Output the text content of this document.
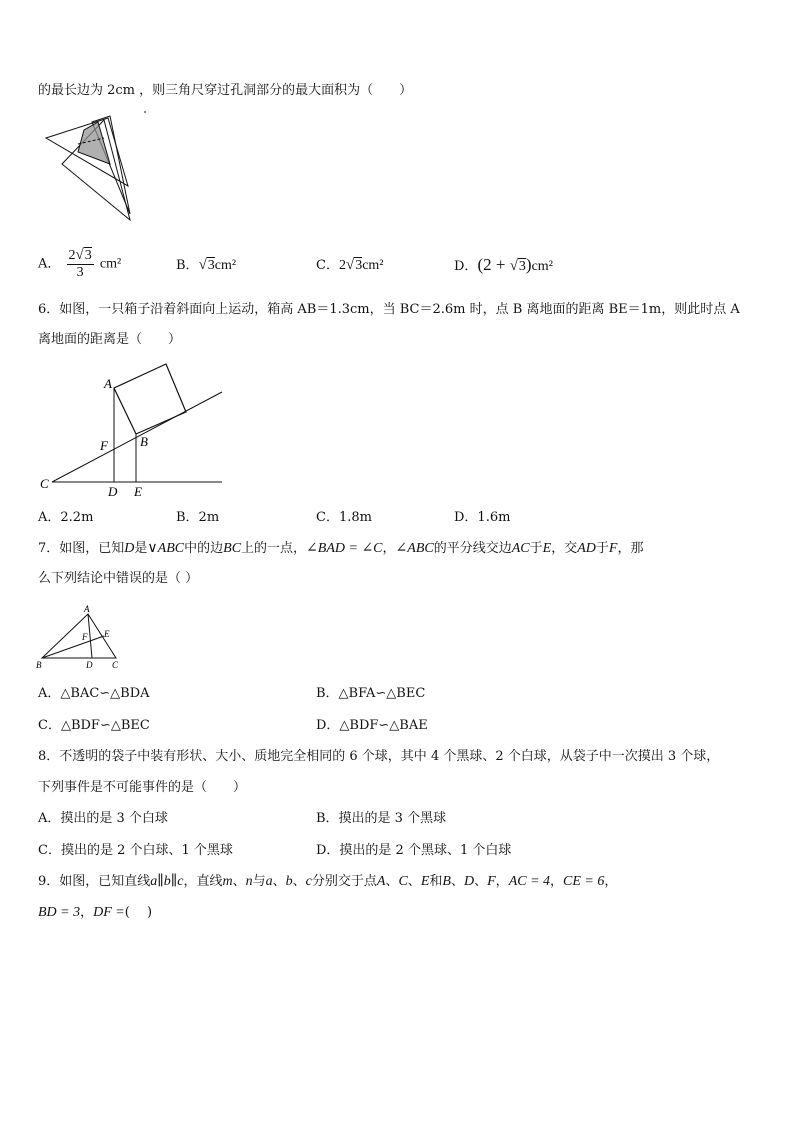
的最长边为 2cm ，则三角尺穿过孔洞部分的最大面积为（　　）
A． $\frac{2√3}{3} cm^2$	B．√3cm²	C．2√3cm²	D．(2 + √3)cm²
6．如图，一只箱子沿着斜面向上运动，箱高 AB＝1.3cm，当 BC＝2.6m 时，点 B 离地面的距离 BE＝1m，则此时点 A
离地面的距离是（　　）
A
B
C
D E
F
A．2.2m	B．2m	C．1.8m	D．1.6m
7．如图，已知D是∨ABC中的边BC上的一点，∠BAD = ∠C，∠ABC的平分线交边AC于E，交AD于F，那
么下列结论中错误的是（ ）
A
B	C
D
E
F
A．△BAC∽△BDA	B．△BFA∽△BEC
C．△BDF∽△BEC	D．△BDF∽△BAE
8．不透明的袋子中装有形状、大小、质地完全相同的 6 个球，其中 4 个黑球、2 个白球，从袋子中一次摸出 3 个球，
下列事件是不可能事件的是（　　）
A．摸出的是 3 个白球	B．摸出的是 3 个黑球
C．摸出的是 2 个白球、1 个黑球	D．摸出的是 2 个黑球、1 个白球
9．如图，已知直线a∥b∥c，直线m、n与a、b、c分别交于点A、C、E和B、D、F，AC = 4，CE = 6，
BD = 3，DF =(　 )
